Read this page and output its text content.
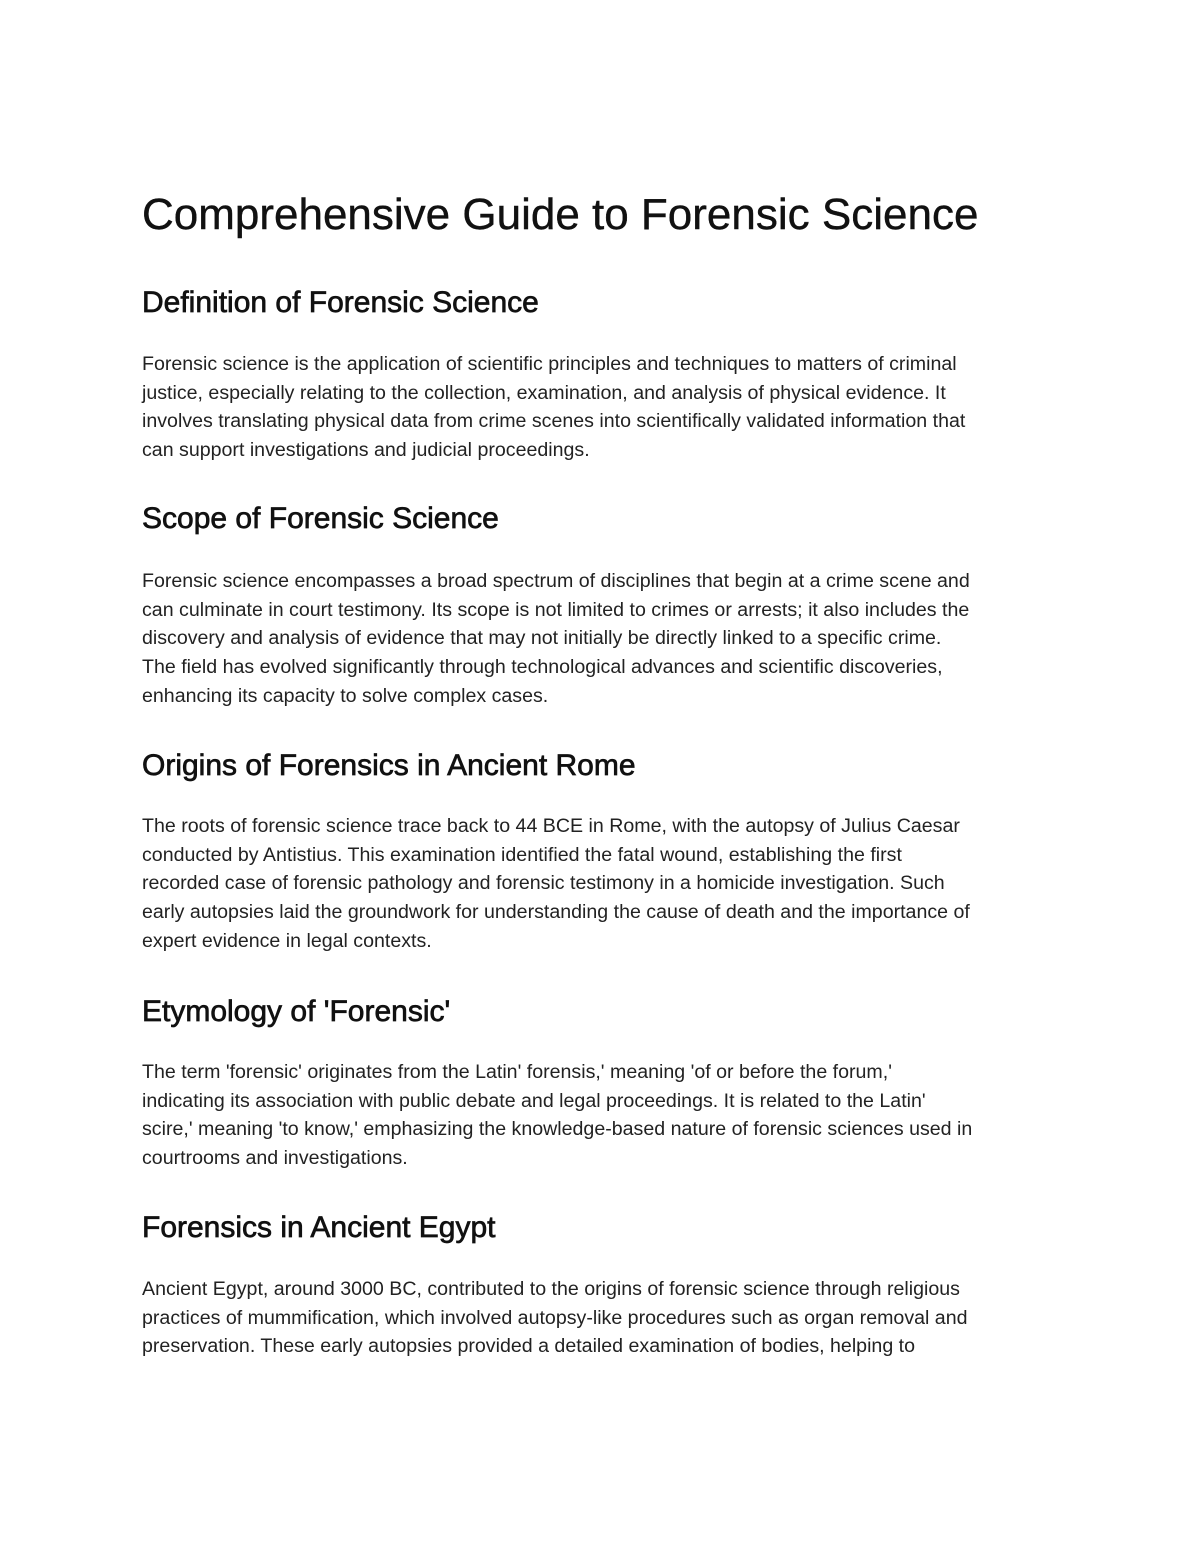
Comprehensive Guide to Forensic Science
Definition of Forensic Science
Forensic science is the application of scientific principles and techniques to matters of criminal
justice, especially relating to the collection, examination, and analysis of physical evidence. It
involves translating physical data from crime scenes into scientifically validated information that
can support investigations and judicial proceedings.
Scope of Forensic Science
Forensic science encompasses a broad spectrum of disciplines that begin at a crime scene and
can culminate in court testimony. Its scope is not limited to crimes or arrests; it also includes the
discovery and analysis of evidence that may not initially be directly linked to a specific crime.
The field has evolved significantly through technological advances and scientific discoveries,
enhancing its capacity to solve complex cases.
Origins of Forensics in Ancient Rome
The roots of forensic science trace back to 44 BCE in Rome, with the autopsy of Julius Caesar
conducted by Antistius. This examination identified the fatal wound, establishing the first
recorded case of forensic pathology and forensic testimony in a homicide investigation. Such
early autopsies laid the groundwork for understanding the cause of death and the importance of
expert evidence in legal contexts.
Etymology of 'Forensic'
The term 'forensic' originates from the Latin' forensis,' meaning 'of or before the forum,'
indicating its association with public debate and legal proceedings. It is related to the Latin'
scire,' meaning 'to know,' emphasizing the knowledge-based nature of forensic sciences used in
courtrooms and investigations.
Forensics in Ancient Egypt
Ancient Egypt, around 3000 BC, contributed to the origins of forensic science through religious
practices of mummification, which involved autopsy-like procedures such as organ removal and
preservation. These early autopsies provided a detailed examination of bodies, helping to
